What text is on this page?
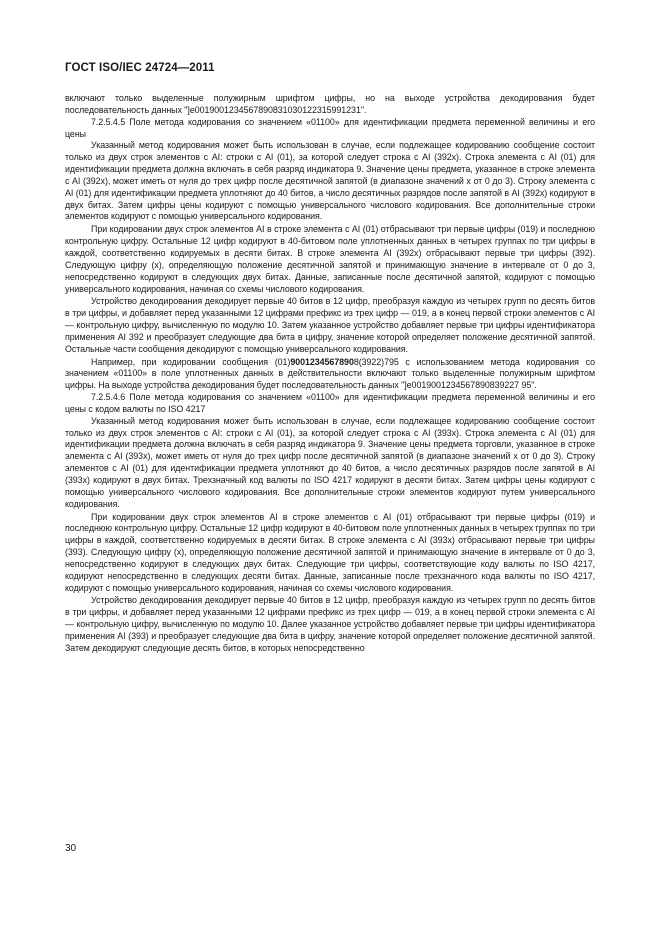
ГОСТ ISO/IEC 24724—2011

включают только выделенные полужирным шрифтом цифры, но на выходе устройства декодирования будет последовательность данных "]e0019001234567890831030122315991231".

7.2.5.4.5 Поле метода кодирования со значением «01100» для идентификации предмета переменной величины и его цены

Указанный метод кодирования может быть использован в случае, если подлежащее кодированию сообщение состоит только из двух строк элементов с AI: строки с AI (01), за которой следует строка с AI (392x). Строка элемента с AI (01) для идентификации предмета должна включать в себя разряд индикатора 9. Значение цены предмета, указанное в строке элемента с AI (392x), может иметь от нуля до трех цифр после десятичной запятой (в диапазоне значений x от 0 до 3). Строку элемента с AI (01) для идентификации предмета уплотняют до 40 битов, а число десятичных разрядов после запятой в AI (392x) кодируют в двух битах. Затем цифры цены кодируют с помощью универсального числового кодирования. Все дополнительные строки элементов кодируют с помощью универсального кодирования.

При кодировании двух строк элементов AI в строке элемента с AI (01) отбрасывают три первые цифры (019) и последнюю контрольную цифру. Остальные 12 цифр кодируют в 40-битовом поле уплотненных данных в четырех группах по три цифры в каждой, соответственно кодируемых в десяти битах. В строке элемента AI (392x) отбрасывают первые три цифры (392). Следующую цифру (x), определяющую положение десятичной запятой и принимающую значение в интервале от 0 до 3, непосредственно кодируют в следующих двух битах. Данные, записанные после десятичной запятой, кодируют с помощью универсального кодирования, начиная со схемы числового кодирования.

Устройство декодирования декодирует первые 40 битов в 12 цифр, преобразуя каждую из четырех групп по десять битов в три цифры, и добавляет перед указанными 12 цифрами префикс из трех цифр — 019, а в конец первой строки элементов с AI — контрольную цифру, вычисленную по модулю 10. Затем указанное устройство добавляет первые три цифры идентификатора применения AI 392 и преобразует следующие два бита в цифру, значение которой определяет положение десятичной запятой. Остальные части сообщения декодируют с помощью универсального кодирования.

Например, при кодировании сообщения (01)90012345678908(3922)795 с использованием метода кодирования со значением «01100» в поле уплотненных данных в действительности включают только выделенные полужирным шрифтом цифры. На выходе устройства декодирования будет последовательность данных "]e0019001234567890839227 95".

7.2.5.4.6 Поле метода кодирования со значением «01100» для идентификации предмета переменной величины и его цены с кодом валюты по ISO 4217

Указанный метод кодирования может быть использован в случае, если подлежащее кодированию сообщение состоит только из двух строк элементов с AI: строки с AI (01), за которой следует строка с AI (393x). Строка элемента с AI (01) для идентификации предмета должна включать в себя разряд индикатора 9. Значение цены предмета торговли, указанное в строке элемента с AI (393x), может иметь от нуля до трех цифр после десятичной запятой (в диапазоне значений x от 0 до 3). Строку элементов с AI (01) для идентификации предмета уплотняют до 40 битов, а число десятичных разрядов после запятой в AI (393x) кодируют в двух битах. Трехзначный код валюты по ISO 4217 кодируют в десяти битах. Затем цифры цены кодируют с помощью универсального числового кодирования. Все дополнительные строки элементов кодируют путем универсального кодирования.

При кодировании двух строк элементов AI в строке элементов с AI (01) отбрасывают три первые цифры (019) и последнюю контрольную цифру. Остальные 12 цифр кодируют в 40-битовом поле уплотненных данных в четырех группах по три цифры в каждой, соответственно кодируемых в десяти битах. В строке элемента с AI (393x) отбрасывают первые три цифры (393). Следующую цифру (x), определяющую положение десятичной запятой и принимающую значение в интервале от 0 до 3, непосредственно кодируют в следующих двух битах. Следующие три цифры, соответствующие коду валюты по ISO 4217, кодируют непосредственно в следующих десяти битах. Данные, записанные после трехзначного кода валюты по ISO 4217, кодируют с помощью универсального кодирования, начиная со схемы числового кодирования.

Устройство декодирования декодирует первые 40 битов в 12 цифр, преобразуя каждую из четырех групп по десять битов в три цифры, и добавляет перед указанными 12 цифрами префикс из трех цифр — 019, а в конец первой строки элемента с AI — контрольную цифру, вычисленную по модулю 10. Далее указанное устройство добавляет первые три цифры идентификатора применения AI (393) и преобразует следующие два бита в цифру, значение которой определяет положение десятичной запятой. Затем декодируют следующие десять битов, в которых непосредственно

30
